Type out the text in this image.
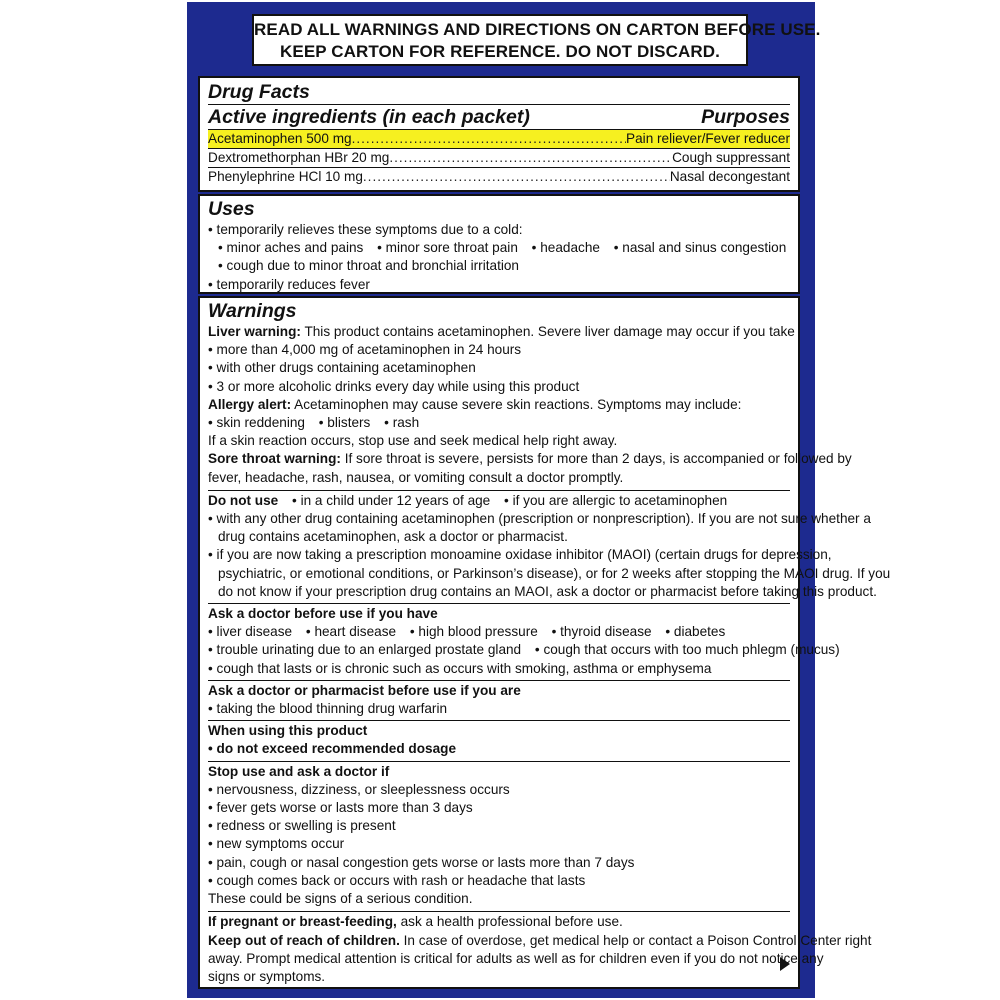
READ ALL WARNINGS AND DIRECTIONS ON CARTON BEFORE USE.
KEEP CARTON FOR REFERENCE. DO NOT DISCARD.
Drug Facts
Active ingredients (in each packet)	Purposes
Acetaminophen 500 mg .....	Pain reliever/Fever reducer
Dextromethorphan HBr 20 mg .....	Cough suppressant
Phenylephrine HCl 10 mg .....	Nasal decongestant
Uses
• temporarily relieves these symptoms due to a cold:
• minor aches and pains • minor sore throat pain • headache • nasal and sinus congestion
• cough due to minor throat and bronchial irritation
• temporarily reduces fever
Warnings
Liver warning: This product contains acetaminophen. Severe liver damage may occur if you take
• more than 4,000 mg of acetaminophen in 24 hours
• with other drugs containing acetaminophen
• 3 or more alcoholic drinks every day while using this product
Allergy alert: Acetaminophen may cause severe skin reactions. Symptoms may include:
• skin reddening • blisters • rash
If a skin reaction occurs, stop use and seek medical help right away.
Sore throat warning: If sore throat is severe, persists for more than 2 days, is accompanied or followed by
fever, headache, rash, nausea, or vomiting consult a doctor promptly.
Do not use • in a child under 12 years of age • if you are allergic to acetaminophen
• with any other drug containing acetaminophen (prescription or nonprescription). If you are not sure whether a
drug contains acetaminophen, ask a doctor or pharmacist.
• if you are now taking a prescription monoamine oxidase inhibitor (MAOI) (certain drugs for depression,
psychiatric, or emotional conditions, or Parkinson’s disease), or for 2 weeks after stopping the MAOI drug. If you
do not know if your prescription drug contains an MAOI, ask a doctor or pharmacist before taking this product.
Ask a doctor before use if you have
• liver disease • heart disease • high blood pressure • thyroid disease • diabetes
• trouble urinating due to an enlarged prostate gland • cough that occurs with too much phlegm (mucus)
• cough that lasts or is chronic such as occurs with smoking, asthma or emphysema
Ask a doctor or pharmacist before use if you are
• taking the blood thinning drug warfarin
When using this product
• do not exceed recommended dosage
Stop use and ask a doctor if
• nervousness, dizziness, or sleeplessness occurs
• fever gets worse or lasts more than 3 days
• redness or swelling is present
• new symptoms occur
• pain, cough or nasal congestion gets worse or lasts more than 7 days
• cough comes back or occurs with rash or headache that lasts
These could be signs of a serious condition.
If pregnant or breast-feeding, ask a health professional before use.
Keep out of reach of children. In case of overdose, get medical help or contact a Poison Control Center right
away. Prompt medical attention is critical for adults as well as for children even if you do not notice any
signs or symptoms.
